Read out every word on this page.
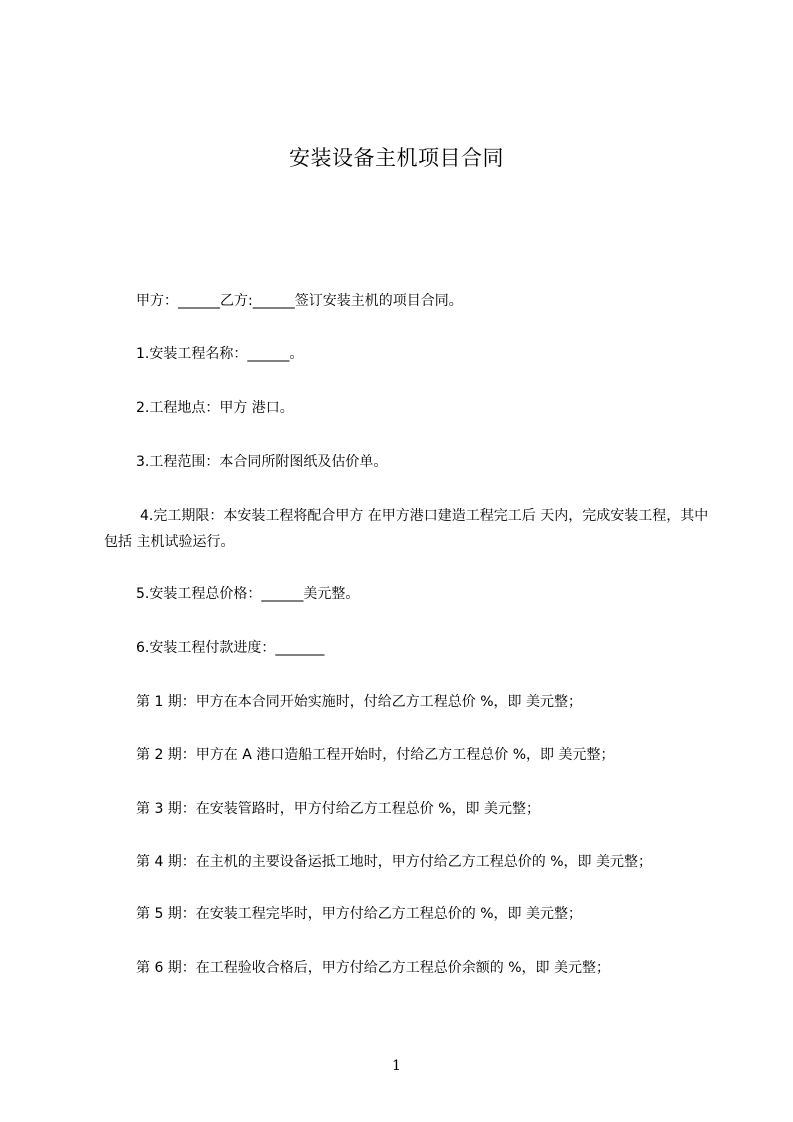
安装设备主机项目合同
甲方：______乙方:______签订安装主机的项目合同。
1.安装工程名称：______。
2.工程地点：甲方 港口。
3.工程范围：本合同所附图纸及估价单。
4.完工期限：本安装工程将配合甲方 在甲方港口建造工程完工后 天内，完成安装工程，其中包括 主机试验运行。
5.安装工程总价格：______美元整。
6.安装工程付款进度：_______
第 1 期：甲方在本合同开始实施时，付给乙方工程总价 %，即 美元整；
第 2 期：甲方在 A 港口造船工程开始时，付给乙方工程总价 %，即 美元整；
第 3 期：在安装管路时，甲方付给乙方工程总价 %，即 美元整；
第 4 期：在主机的主要设备运抵工地时，甲方付给乙方工程总价的 %，即 美元整；
第 5 期：在安装工程完毕时，甲方付给乙方工程总价的 %，即 美元整；
第 6 期：在工程验收合格后，甲方付给乙方工程总价余额的 %，即 美元整；
1
